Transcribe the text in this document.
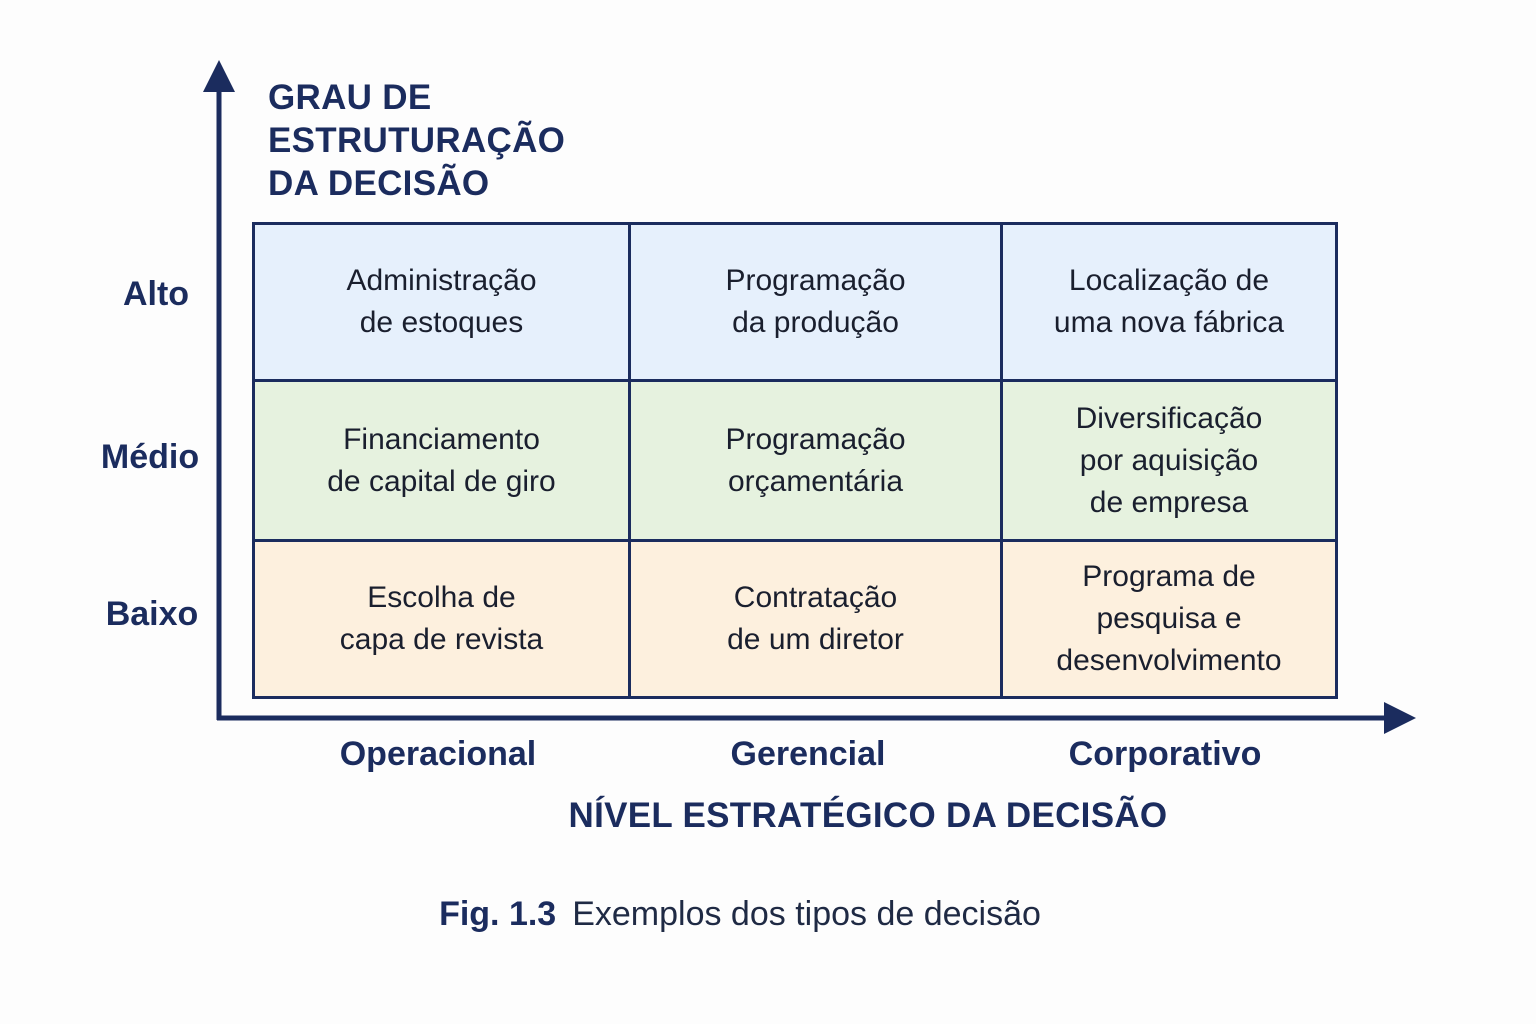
GRAU DE
ESTRUTURAÇÃO
DA DECISÃO
Alto
Médio
Baixo
Administração
de estoques
Programação
da produção
Localização de
uma nova fábrica
Financiamento
de capital de giro
Programação
orçamentária
Diversificação
por aquisição
de empresa
Escolha de
capa de revista
Contratação
de um diretor
Programa de
pesquisa e
desenvolvimento
Operacional	Gerencial	Corporativo
NÍVEL ESTRATÉGICO DA DECISÃO
Fig. 1.3 Exemplos dos tipos de decisão
